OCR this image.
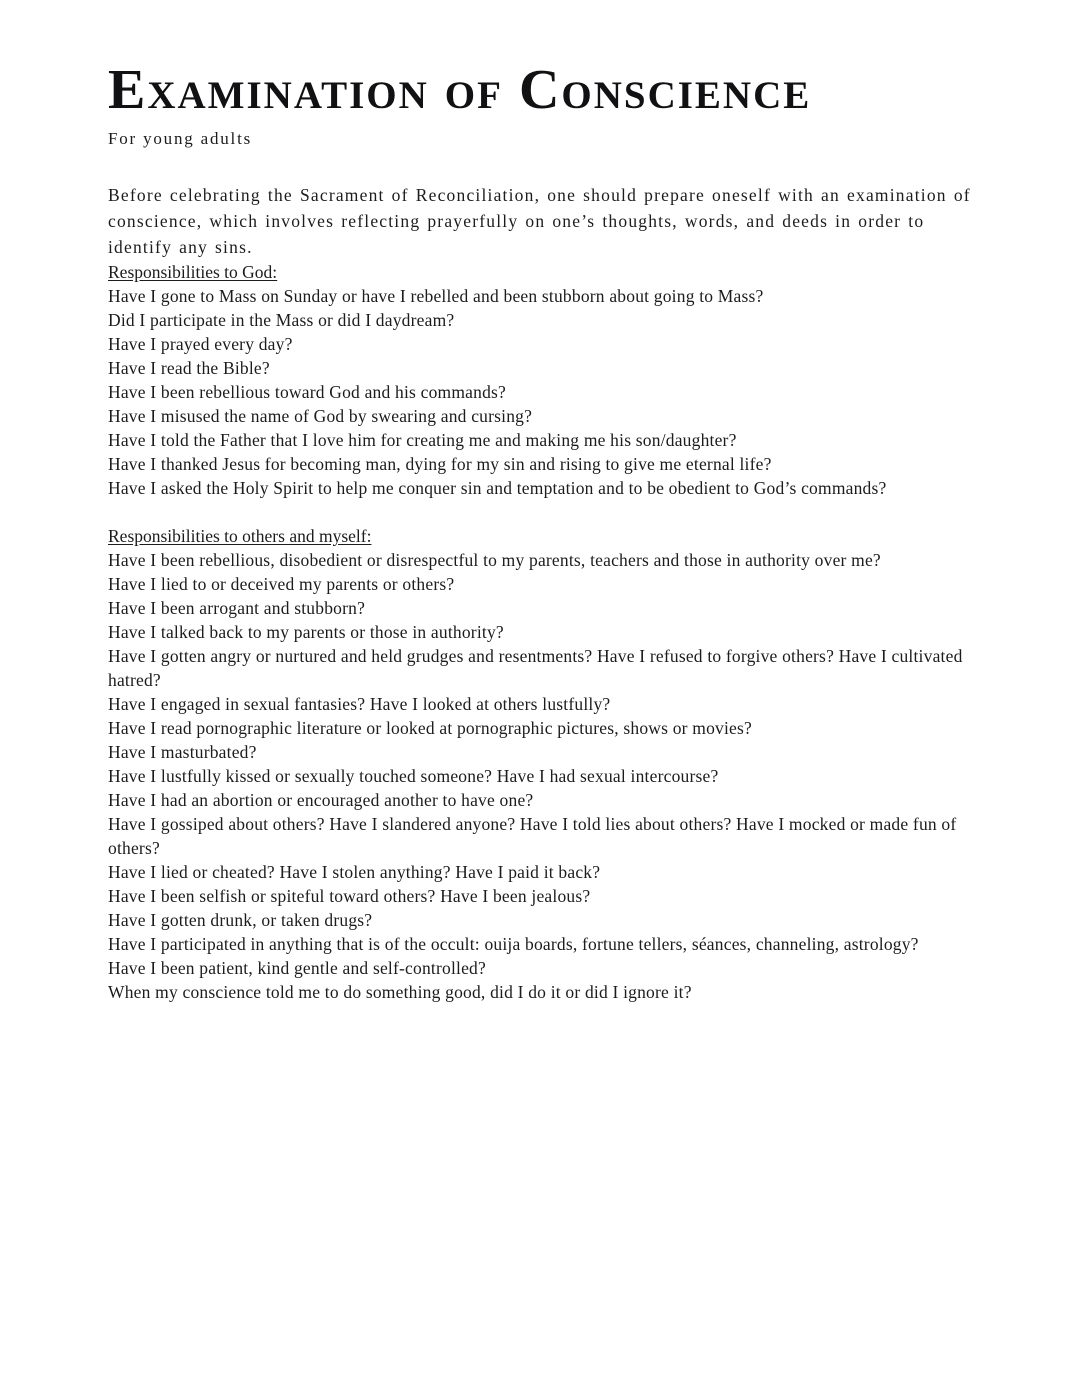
Examination of Conscience
For young adults

Before celebrating the Sacrament of Reconciliation, one should prepare oneself with an examination of conscience, which involves reflecting prayerfully on one’s thoughts, words, and deeds in order to identify any sins.

Responsibilities to God:

Have I gone to Mass on Sunday or have I rebelled and been stubborn about going to Mass?

Did I participate in the Mass or did I daydream?

Have I prayed every day?

Have I read the Bible?

Have I been rebellious toward God and his commands?

Have I misused the name of God by swearing and cursing?

Have I told the Father that I love him for creating me and making me his son/daughter?

Have I thanked Jesus for becoming man, dying for my sin and rising to give me eternal life?

Have I asked the Holy Spirit to help me conquer sin and temptation and to be obedient to God’s commands?

Responsibilities to others and myself:

Have I been rebellious, disobedient or disrespectful to my parents, teachers and those in authority over me?

Have I lied to or deceived my parents or others?

Have I been arrogant and stubborn?

Have I talked back to my parents or those in authority?

Have I gotten angry or nurtured and held grudges and resentments? Have I refused to forgive others? Have I cultivated hatred?

Have I engaged in sexual fantasies? Have I looked at others lustfully?

Have I read pornographic literature or looked at pornographic pictures, shows or movies?

Have I masturbated?

Have I lustfully kissed or sexually touched someone? Have I had sexual intercourse?

Have I had an abortion or encouraged another to have one?

Have I gossiped about others? Have I slandered anyone? Have I told lies about others? Have I mocked or made fun of others?

Have I lied or cheated? Have I stolen anything? Have I paid it back?

Have I been selfish or spiteful toward others? Have I been jealous?

Have I gotten drunk, or taken drugs?

Have I participated in anything that is of the occult: ouija boards, fortune tellers, séances, channeling, astrology?

Have I been patient, kind gentle and self-controlled?

When my conscience told me to do something good, did I do it or did I ignore it?
